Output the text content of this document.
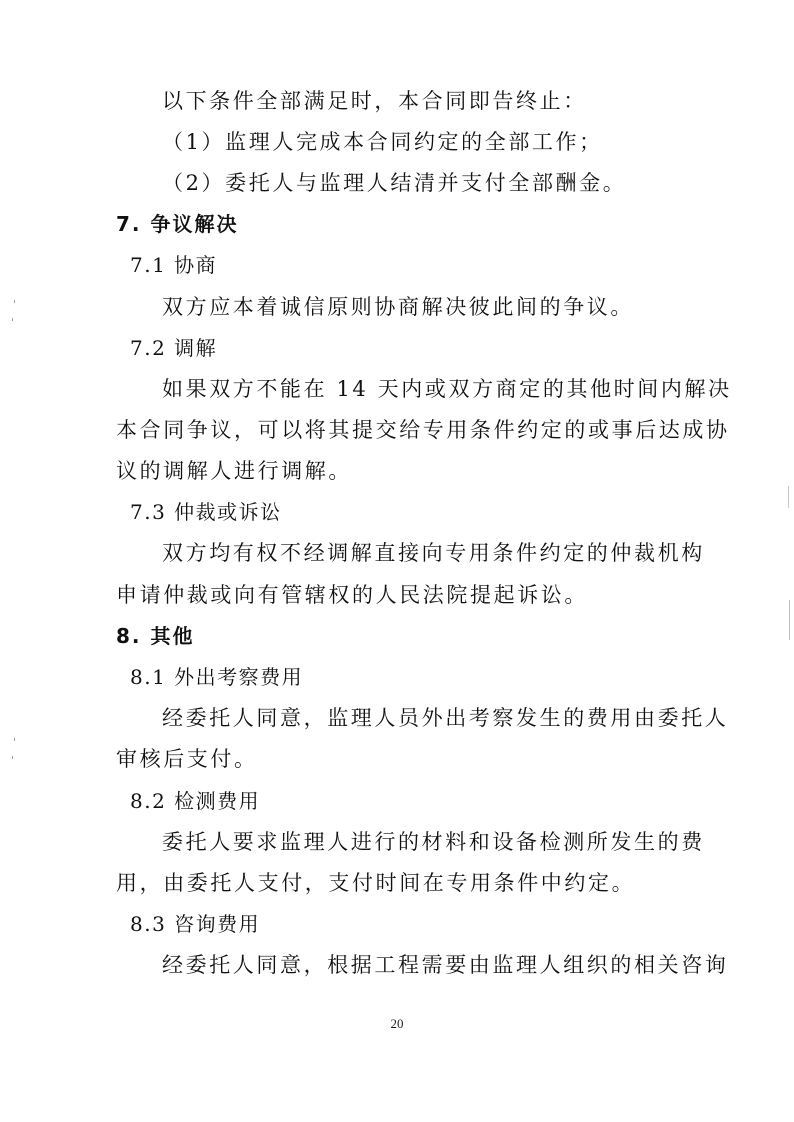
以下条件全部满足时，本合同即告终止：
（1）监理人完成本合同约定的全部工作；
（2）委托人与监理人结清并支付全部酬金。
7. 争议解决
7.1 协商
双方应本着诚信原则协商解决彼此间的争议。
7.2 调解
如果双方不能在 14 天内或双方商定的其他时间内解决
本合同争议，可以将其提交给专用条件约定的或事后达成协
议的调解人进行调解。
7.3 仲裁或诉讼
双方均有权不经调解直接向专用条件约定的仲裁机构
申请仲裁或向有管辖权的人民法院提起诉讼。
8. 其他
8.1 外出考察费用
经委托人同意，监理人员外出考察发生的费用由委托人
审核后支付。
8.2 检测费用
委托人要求监理人进行的材料和设备检测所发生的费
用，由委托人支付，支付时间在专用条件中约定。
8.3 咨询费用
经委托人同意，根据工程需要由监理人组织的相关咨询
20
